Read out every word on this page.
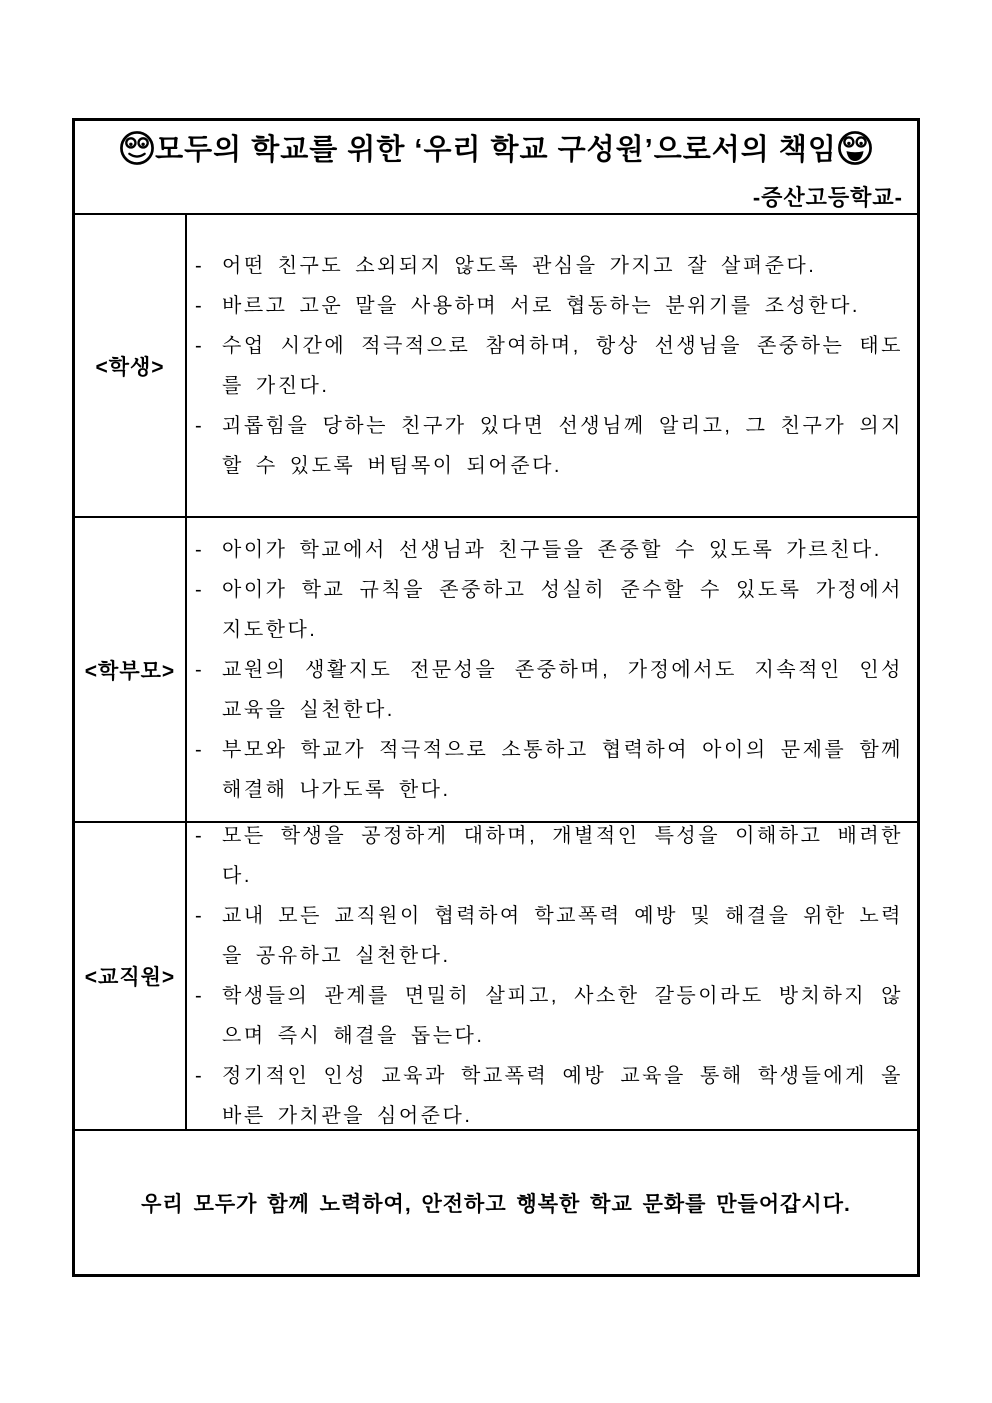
모두의 학교를 위한 ‘우리 학교 구성원’으로서의 책임
-증산고등학교-
<학생>
- 어떤 친구도 소외되지 않도록 관심을 가지고 잘 살펴준다.
- 바르고 고운 말을 사용하며 서로 협동하는 분위기를 조성한다.
- 수업 시간에 적극적으로 참여하며, 항상 선생님을 존중하는 태도를 가진다.
- 괴롭힘을 당하는 친구가 있다면 선생님께 알리고, 그 친구가 의지할 수 있도록 버팀목이 되어준다.
<학부모>
- 아이가 학교에서 선생님과 친구들을 존중할 수 있도록 가르친다.
- 아이가 학교 규칙을 존중하고 성실히 준수할 수 있도록 가정에서 지도한다.
- 교원의 생활지도 전문성을 존중하며, 가정에서도 지속적인 인성 교육을 실천한다.
- 부모와 학교가 적극적으로 소통하고 협력하여 아이의 문제를 함께 해결해 나가도록 한다.
<교직원>
- 모든 학생을 공정하게 대하며, 개별적인 특성을 이해하고 배려한다.
- 교내 모든 교직원이 협력하여 학교폭력 예방 및 해결을 위한 노력을 공유하고 실천한다.
- 학생들의 관계를 면밀히 살피고, 사소한 갈등이라도 방치하지 않으며 즉시 해결을 돕는다.
- 정기적인 인성 교육과 학교폭력 예방 교육을 통해 학생들에게 올바른 가치관을 심어준다.
우리 모두가 함께 노력하여, 안전하고 행복한 학교 문화를 만들어갑시다.
